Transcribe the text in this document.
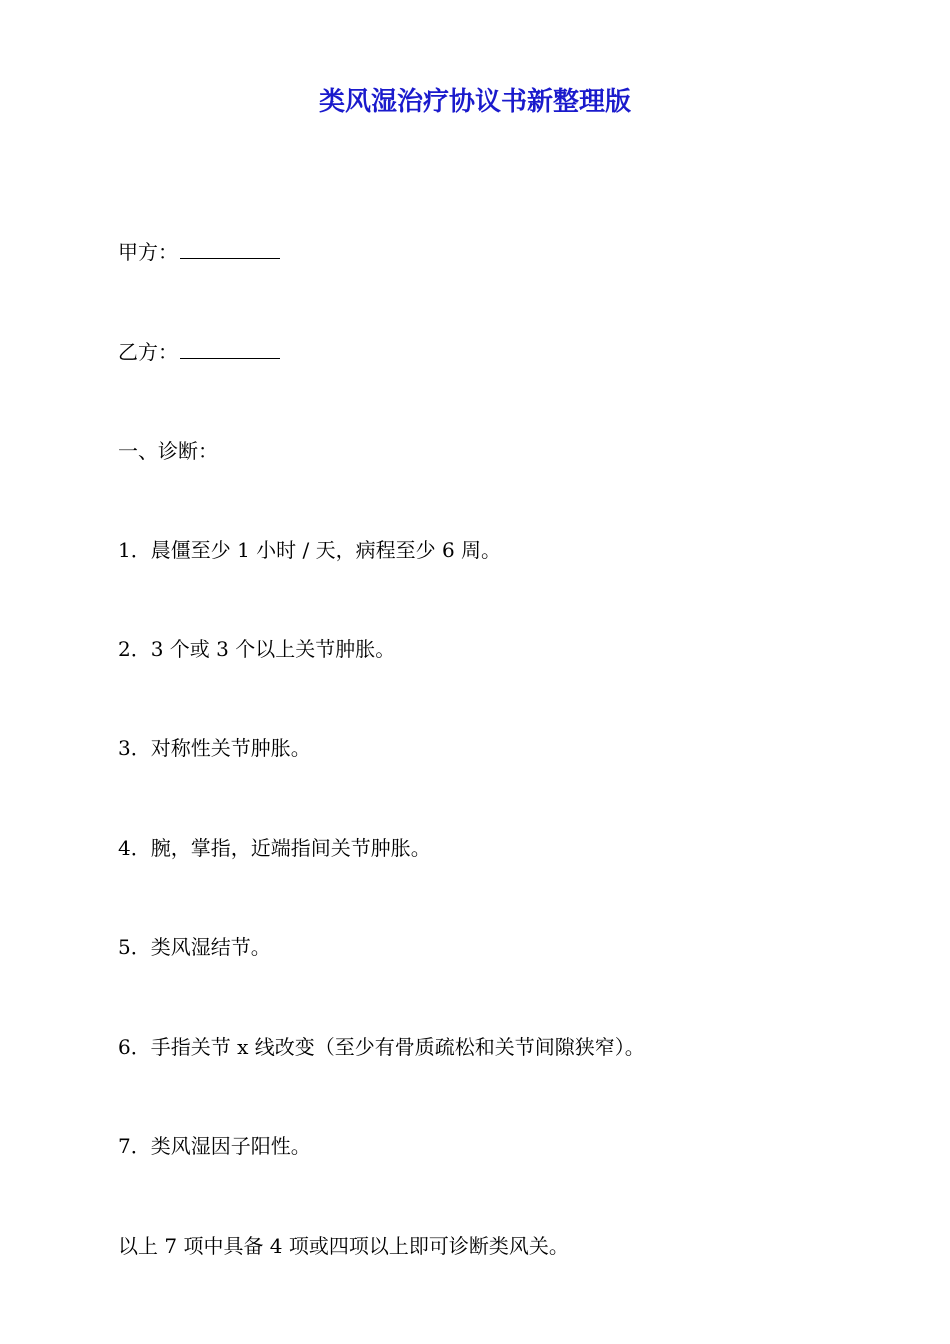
类风湿治疗协议书新整理版
甲方：
乙方：
一、诊断：
1．晨僵至少 1 小时 / 天，病程至少 6 周。
2．3 个或 3 个以上关节肿胀。
3．对称性关节肿胀。
4．腕，掌指，近端指间关节肿胀。
5．类风湿结节。
6．手指关节 x 线改变（至少有骨质疏松和关节间隙狭窄）。
7．类风湿因子阳性。
以上 7 项中具备 4 项或四项以上即可诊断类风关。
